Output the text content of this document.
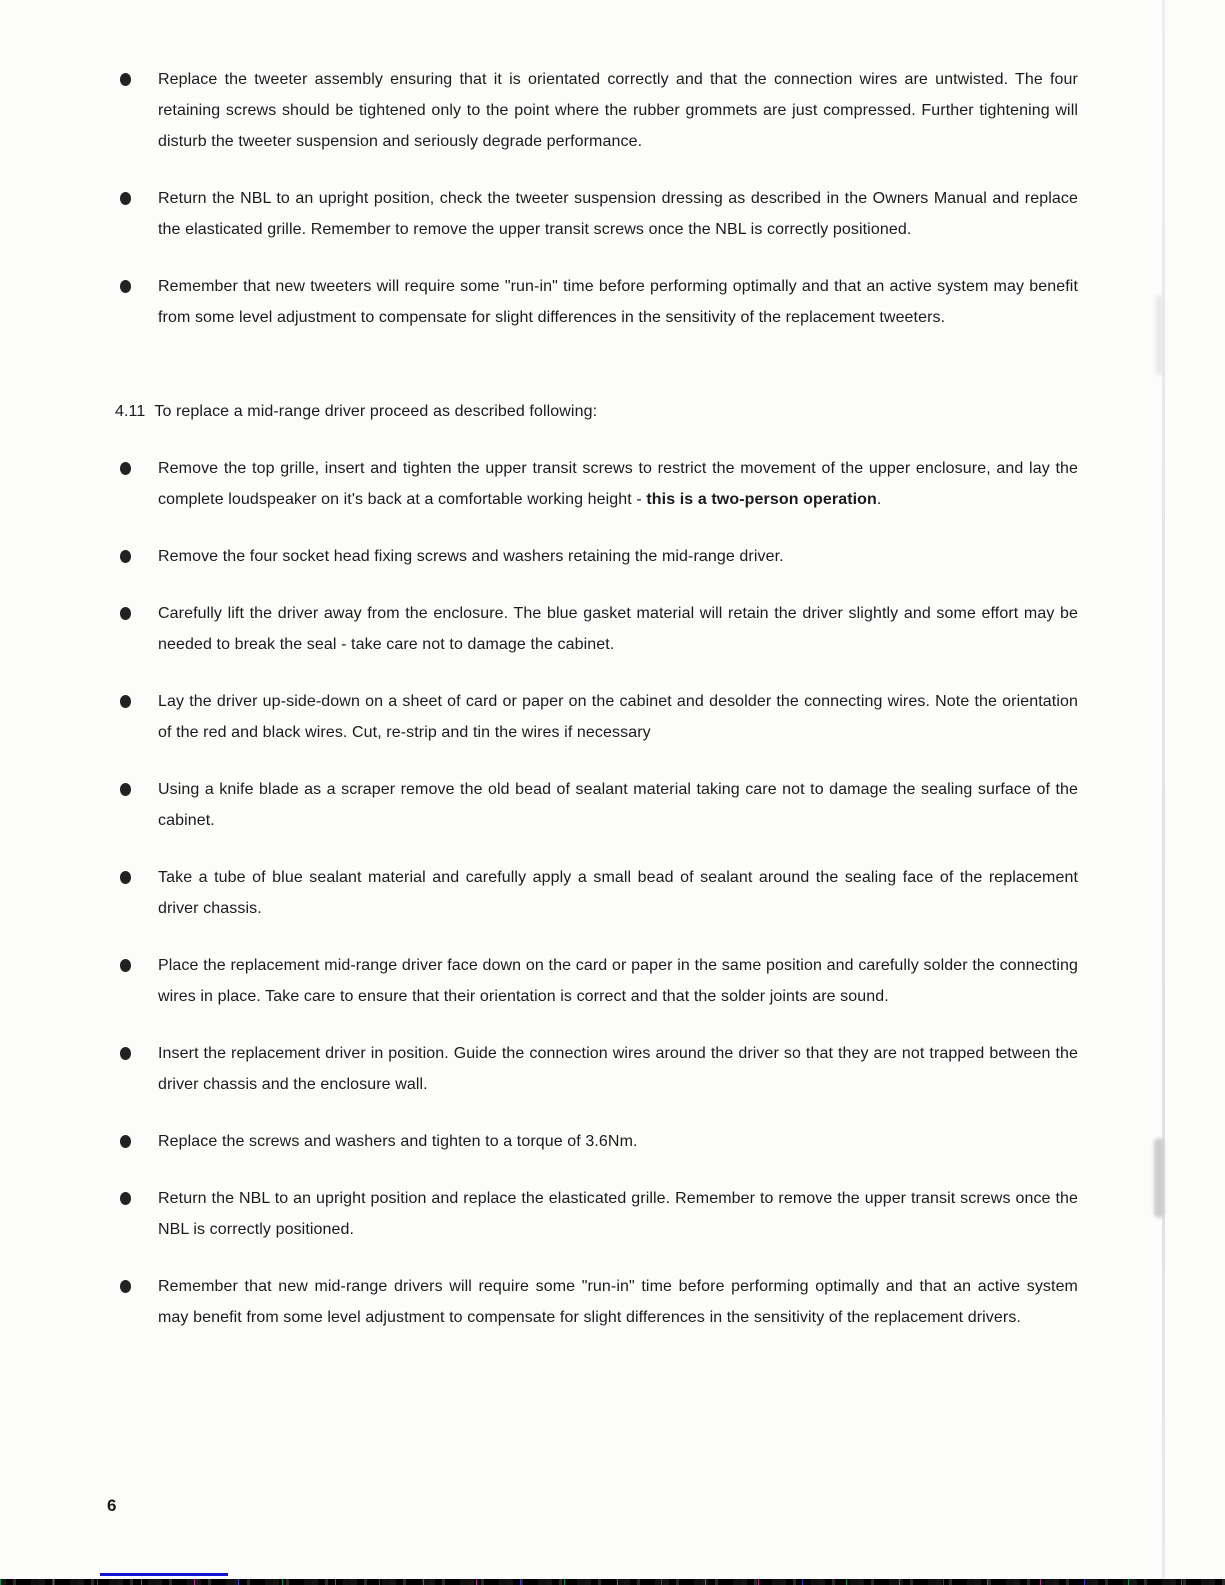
Replace the tweeter assembly ensuring that it is orientated correctly and that the connection wires are untwisted. The four retaining screws should be tightened only to the point where the rubber grommets are just compressed. Further tightening will disturb the tweeter suspension and seriously degrade performance.

Return the NBL to an upright position, check the tweeter suspension dressing as described in the Owners Manual and replace the elasticated grille. Remember to remove the upper transit screws once the NBL is correctly positioned.

Remember that new tweeters will require some "run-in" time before performing optimally and that an active system may benefit from some level adjustment to compensate for slight differences in the sensitivity of the replacement tweeters.

4.11 To replace a mid-range driver proceed as described following:

Remove the top grille, insert and tighten the upper transit screws to restrict the movement of the upper enclosure, and lay the complete loudspeaker on it's back at a comfortable working height - this is a two-person operation.

Remove the four socket head fixing screws and washers retaining the mid-range driver.

Carefully lift the driver away from the enclosure. The blue gasket material will retain the driver slightly and some effort may be needed to break the seal - take care not to damage the cabinet.

Lay the driver up-side-down on a sheet of card or paper on the cabinet and desolder the connecting wires. Note the orientation of the red and black wires. Cut, re-strip and tin the wires if necessary

Using a knife blade as a scraper remove the old bead of sealant material taking care not to damage the sealing surface of the cabinet.

Take a tube of blue sealant material and carefully apply a small bead of sealant around the sealing face of the replacement driver chassis.

Place the replacement mid-range driver face down on the card or paper in the same position and carefully solder the connecting wires in place. Take care to ensure that their orientation is correct and that the solder joints are sound.

Insert the replacement driver in position. Guide the connection wires around the driver so that they are not trapped between the driver chassis and the enclosure wall.

Replace the screws and washers and tighten to a torque of 3.6Nm.

Return the NBL to an upright position and replace the elasticated grille. Remember to remove the upper transit screws once the NBL is correctly positioned.

Remember that new mid-range drivers will require some "run-in" time before performing optimally and that an active system may benefit from some level adjustment to compensate for slight differences in the sensitivity of the replacement drivers.

6
